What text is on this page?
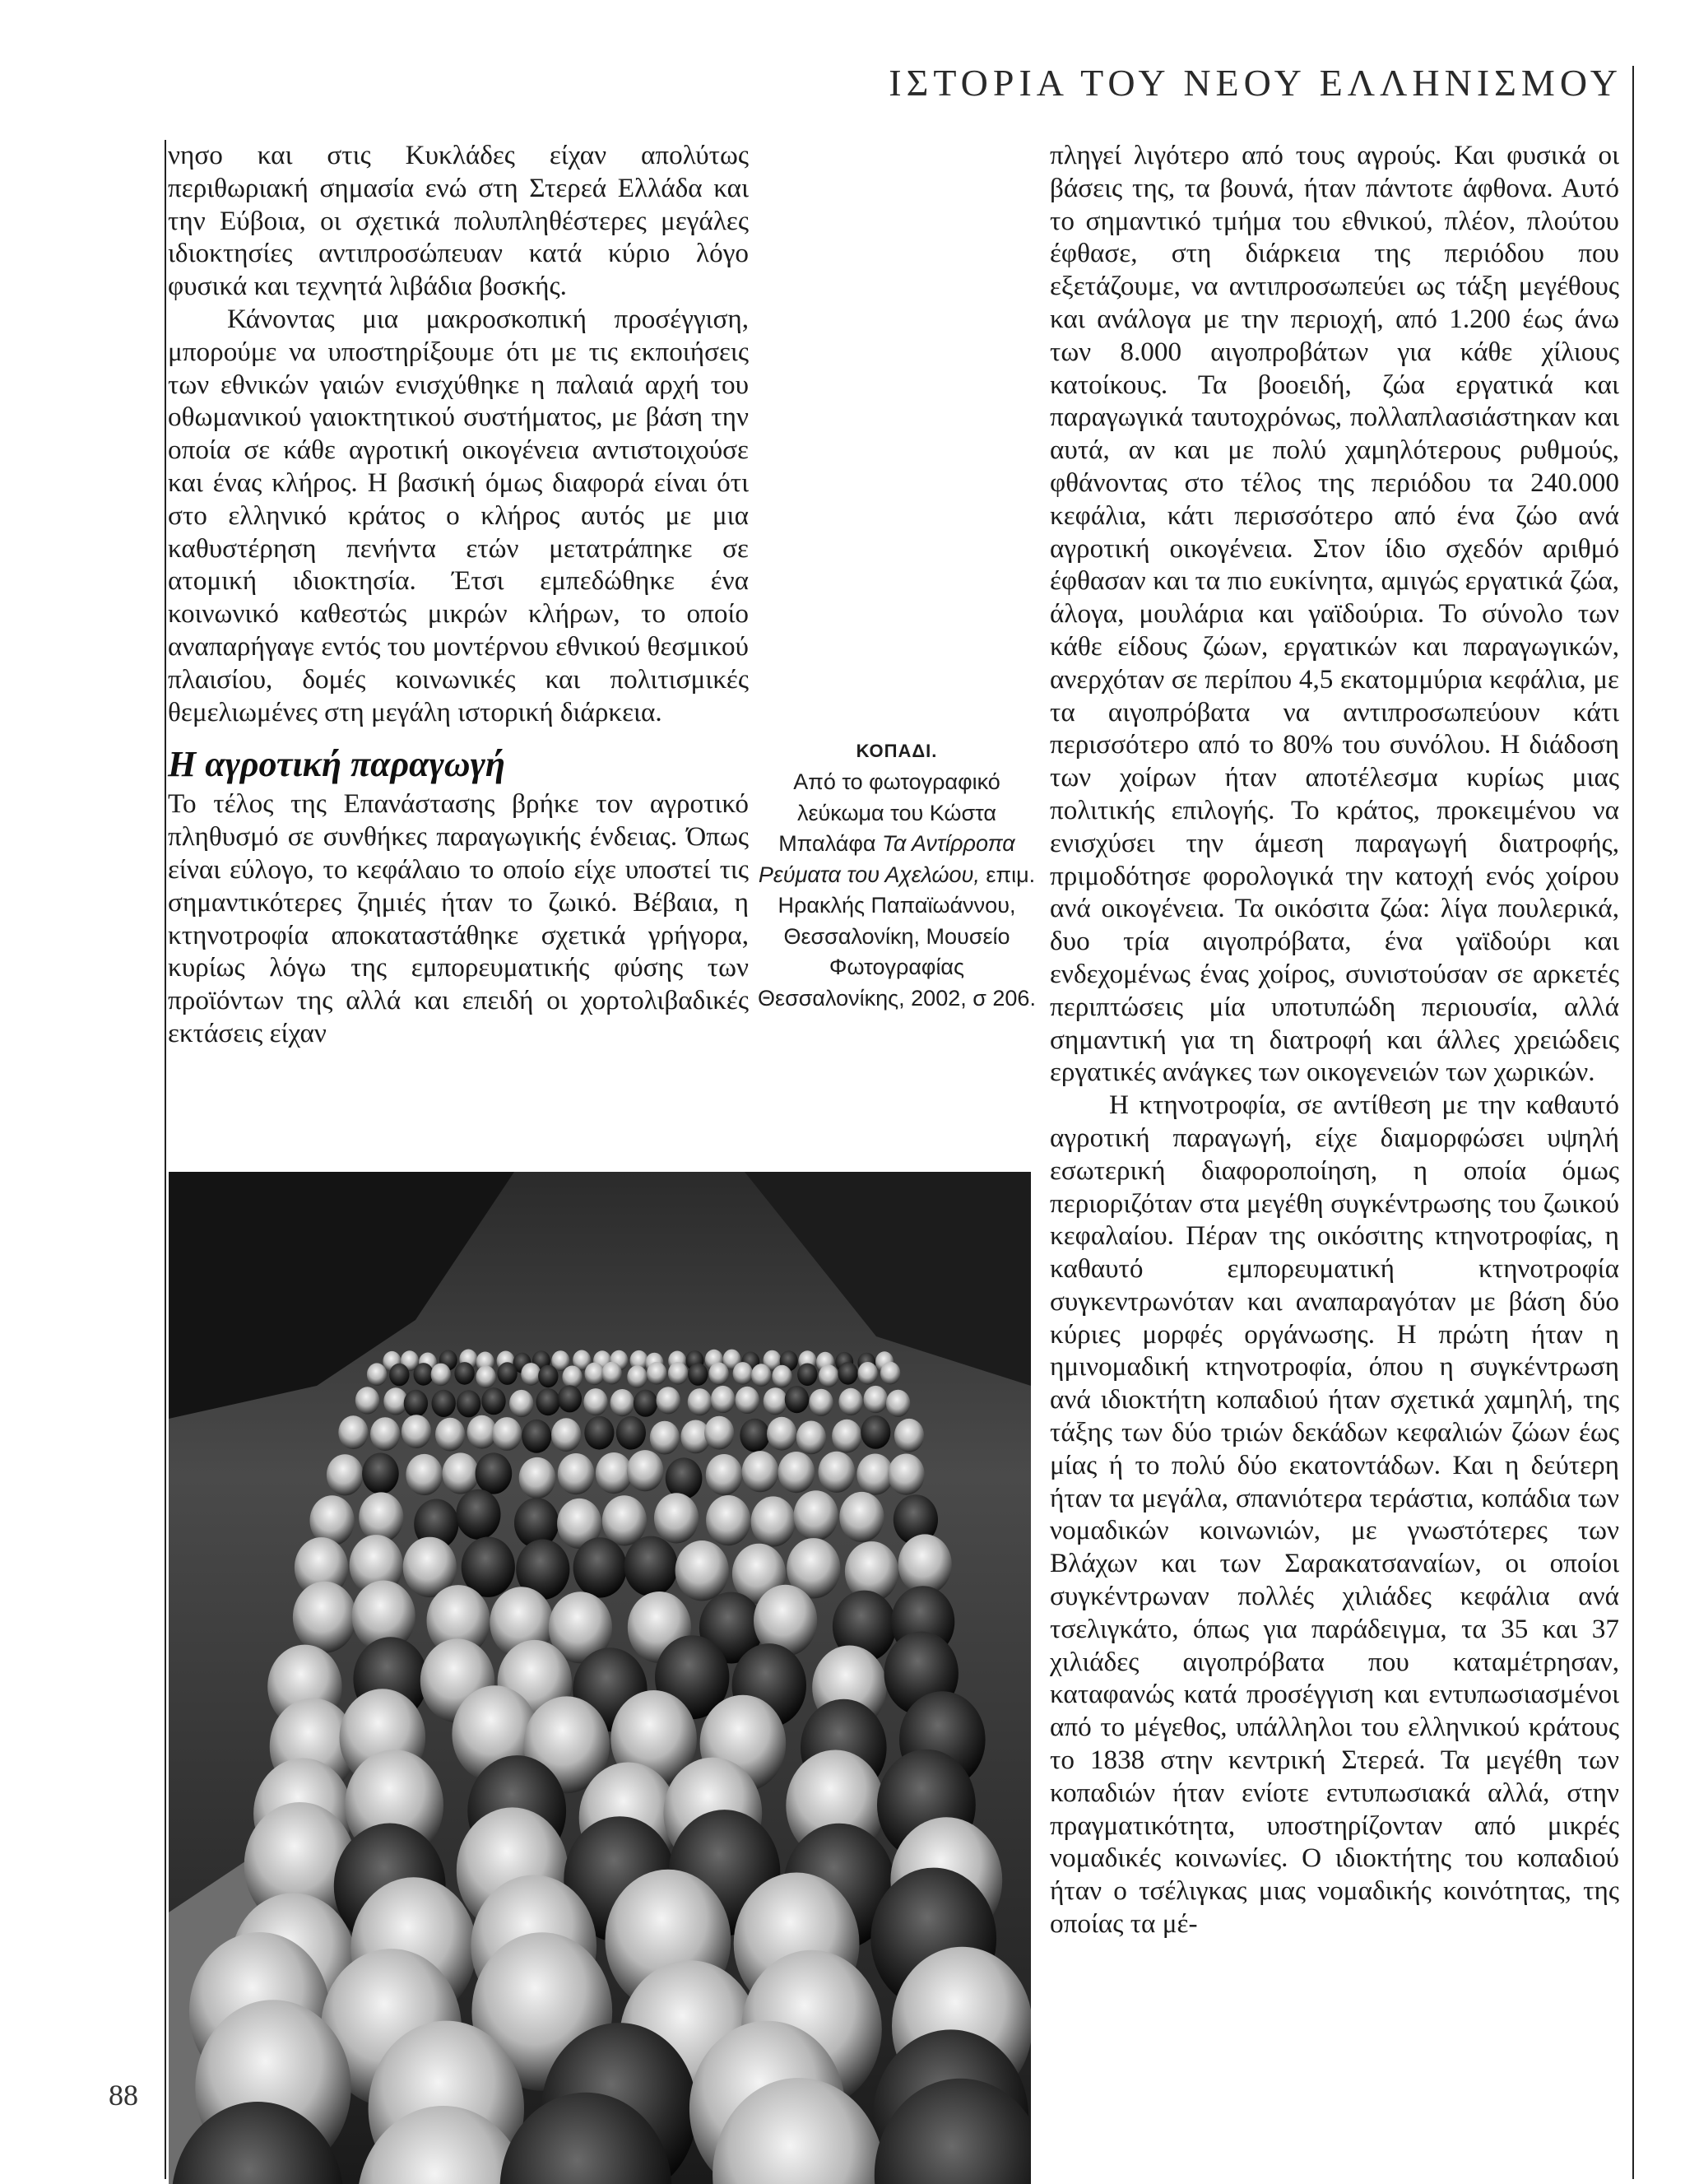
ΙΣΤΟΡΙΑ ΤΟΥ ΝΕΟΥ ΕΛΛΗΝΙΣΜΟΥ
88

νησο και στις Κυκλάδες είχαν απολύτως περιθωριακή σημασία ενώ στη Στερεά Ελλάδα και την Εύβοια, οι σχετικά πολυπληθέστερες μεγάλες ιδιοκτησίες αντιπροσώπευαν κατά κύριο λόγο φυσικά και τεχνητά λιβάδια βοσκής.

Κάνοντας μια μακροσκοπική προσέγγιση, μπορούμε να υποστηρίξουμε ότι με τις εκποιήσεις των εθνικών γαιών ενισχύθηκε η παλαιά αρχή του οθωμανικού γαιοκτητικού συστήματος, με βάση την οποία σε κάθε αγροτική οικογένεια αντιστοιχούσε και ένας κλήρος. Η βασική όμως διαφορά είναι ότι στο ελληνικό κράτος ο κλήρος αυτός με μια καθυστέρηση πενήντα ετών μετατράπηκε σε ατομική ιδιοκτησία. Έτσι εμπεδώθηκε ένα κοινωνικό καθεστώς μικρών κλήρων, το οποίο αναπαρήγαγε εντός του μοντέρνου εθνικού θεσμικού πλαισίου, δομές κοινωνικές και πολιτισμικές θεμελιωμένες στη μεγάλη ιστορική διάρκεια.

Η αγροτική παραγωγή

Το τέλος της Επανάστασης βρήκε τον αγροτικό πληθυσμό σε συνθήκες παραγωγικής ένδειας. Όπως είναι εύλογο, το κεφάλαιο το οποίο είχε υποστεί τις σημαντικότερες ζημιές ήταν το ζωικό. Βέβαια, η κτηνοτροφία αποκαταστάθηκε σχετικά γρήγορα, κυρίως λόγω της εμπορευματικής φύσης των προϊόντων της αλλά και επειδή οι χορτολιβαδικές εκτάσεις είχαν

ΚΟΠΑΔΙ.
Από το φωτογραφικό λεύκωμα του Κώστα Μπαλάφα Τα Αντίρροπα Ρεύματα του Αχελώου, επιμ. Ηρακλής Παπαϊωάννου, Θεσσαλονίκη, Μουσείο Φωτογραφίας Θεσσαλονίκης, 2002, σ 206.

πληγεί λιγότερο από τους αγρούς. Και φυσικά οι βάσεις της, τα βουνά, ήταν πάντοτε άφθονα. Αυτό το σημαντικό τμήμα του εθνικού, πλέον, πλούτου έφθασε, στη διάρκεια της περιόδου που εξετάζουμε, να αντιπροσωπεύει ως τάξη μεγέθους και ανάλογα με την περιοχή, από 1.200 έως άνω των 8.000 αιγοπροβάτων για κάθε χίλιους κατοίκους. Τα βοοειδή, ζώα εργατικά και παραγωγικά ταυτοχρόνως, πολλαπλασιάστηκαν και αυτά, αν και με πολύ χαμηλότερους ρυθμούς, φθάνοντας στο τέλος της περιόδου τα 240.000 κεφάλια, κάτι περισσότερο από ένα ζώο ανά αγροτική οικογένεια. Στον ίδιο σχεδόν αριθμό έφθασαν και τα πιο ευκίνητα, αμιγώς εργατικά ζώα, άλογα, μουλάρια και γαϊδούρια. Το σύνολο των κάθε είδους ζώων, εργατικών και παραγωγικών, ανερχόταν σε περίπου 4,5 εκατομμύρια κεφάλια, με τα αιγοπρόβατα να αντιπροσωπεύουν κάτι περισσότερο από το 80% του συνόλου. Η διάδοση των χοίρων ήταν αποτέλεσμα κυρίως μιας πολιτικής επιλογής. Το κράτος, προκειμένου να ενισχύσει την άμεση παραγωγή διατροφής, πριμοδότησε φορολογικά την κατοχή ενός χοίρου ανά οικογένεια. Τα οικόσιτα ζώα: λίγα πουλερικά, δυο τρία αιγοπρόβατα, ένα γαϊδούρι και ενδεχομένως ένας χοίρος, συνιστούσαν σε αρκετές περιπτώσεις μία υποτυπώδη περιουσία, αλλά σημαντική για τη διατροφή και άλλες χρειώδεις εργατικές ανάγκες των οικογενειών των χωρικών.

Η κτηνοτροφία, σε αντίθεση με την καθαυτό αγροτική παραγωγή, είχε διαμορφώσει υψηλή εσωτερική διαφοροποίηση, η οποία όμως περιοριζόταν στα μεγέθη συγκέντρωσης του ζωικού κεφαλαίου. Πέραν της οικόσιτης κτηνοτροφίας, η καθαυτό εμπορευματική κτηνοτροφία συγκεντρωνόταν και αναπαραγόταν με βάση δύο κύριες μορφές οργάνωσης. Η πρώτη ήταν η ημινομαδική κτηνοτροφία, όπου η συγκέντρωση ανά ιδιοκτήτη κοπαδιού ήταν σχετικά χαμηλή, της τάξης των δύο τριών δεκάδων κεφαλιών ζώων έως μίας ή το πολύ δύο εκατοντάδων. Και η δεύτερη ήταν τα μεγάλα, σπανιότερα τεράστια, κοπάδια των νομαδικών κοινωνιών, με γνωστότερες των Βλάχων και των Σαρακατσαναίων, οι οποίοι συγκέντρωναν πολλές χιλιάδες κεφάλια ανά τσελιγκάτο, όπως για παράδειγμα, τα 35 και 37 χιλιάδες αιγοπρόβατα που καταμέτρησαν, καταφανώς κατά προσέγγιση και εντυπωσιασμένοι από το μέγεθος, υπάλληλοι του ελληνικού κράτους το 1838 στην κεντρική Στερεά. Τα μεγέθη των κοπαδιών ήταν ενίοτε εντυπωσιακά αλλά, στην πραγματικότητα, υποστηρίζονταν από μικρές νομαδικές κοινωνίες. Ο ιδιοκτήτης του κοπαδιού ήταν ο τσέλιγκας μιας νομαδικής κοινότητας, της οποίας τα μέ-
